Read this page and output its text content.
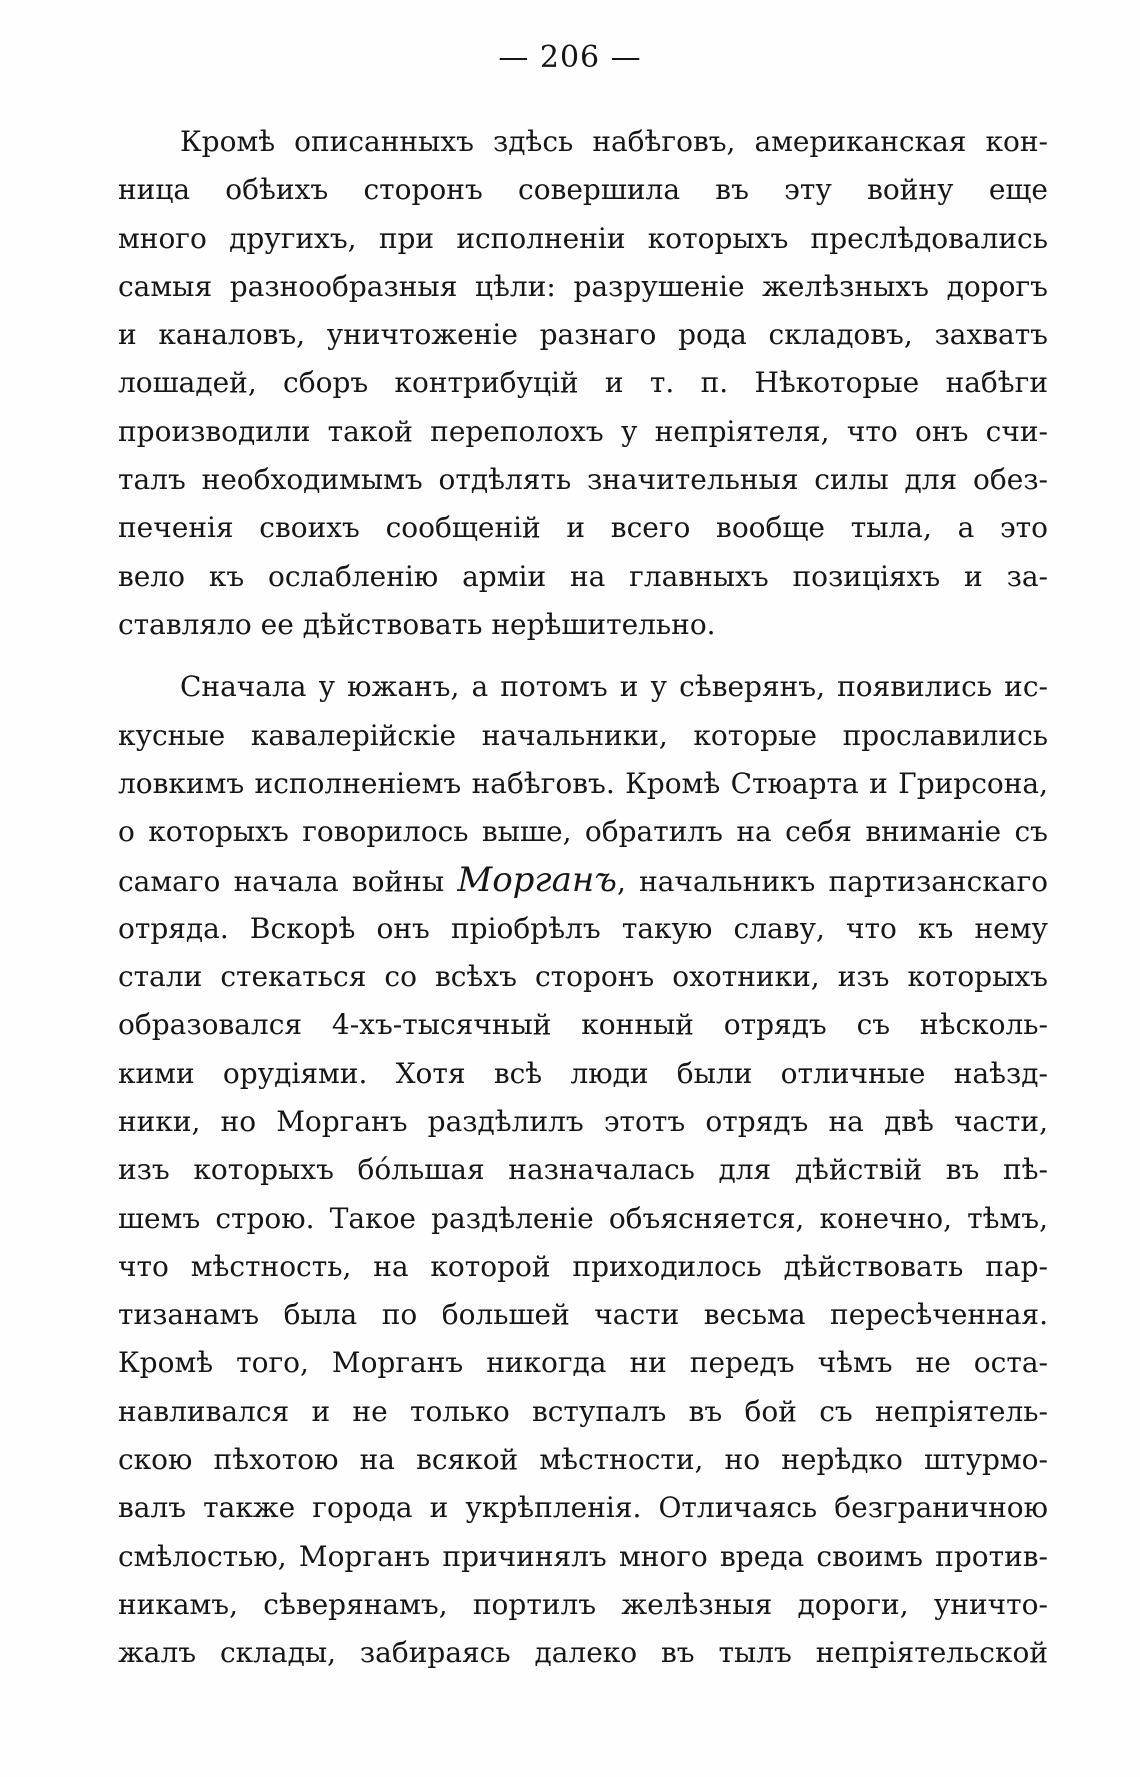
— 206 —
Кромѣ описанныхъ здѣсь набѣговъ, американская кон-
ница обѣихъ сторонъ совершила въ эту войну еще
много другихъ, при исполненіи которыхъ преслѣдовались
самыя разнообразныя цѣли: разрушеніе желѣзныхъ дорогъ
и каналовъ, уничтоженіе разнаго рода складовъ, захватъ
лошадей, сборъ контрибуцій и т. п. Нѣкоторые набѣги
производили такой переполохъ у непріятеля, что онъ счи-
талъ необходимымъ отдѣлять значительныя силы для обез-
печенія своихъ сообщеній и всего вообще тыла, а это
вело къ ослабленію арміи на главныхъ позиціяхъ и за-
ставляло ее дѣйствовать нерѣшительно.
Сначала у южанъ, а потомъ и у сѣверянъ, появились ис-
кусные кавалерійскіе начальники, которые прославились
ловкимъ исполненіемъ набѣговъ. Кромѣ Стюарта и Грирсона,
о которыхъ говорилось выше, обратилъ на себя вниманіе съ
самаго начала войны Морганъ, начальникъ партизанскаго
отряда. Вскорѣ онъ пріобрѣлъ такую славу, что къ нему
стали стекаться со всѣхъ сторонъ охотники, изъ которыхъ
образовался 4-хъ-тысячный конный отрядъ съ нѣсколь-
кими орудіями. Хотя всѣ люди были отличные наѣзд-
ники, но Морганъ раздѣлилъ этотъ отрядъ на двѣ части,
изъ которыхъ бо́льшая назначалась для дѣйствій въ пѣ-
шемъ строю. Такое раздѣленіе объясняется, конечно, тѣмъ,
что мѣстность, на которой приходилось дѣйствовать пар-
тизанамъ была по большей части весьма пересѣченная.
Кромѣ того, Морганъ никогда ни передъ чѣмъ не оста-
навливался и не только вступалъ въ бой съ непріятель-
скою пѣхотою на всякой мѣстности, но нерѣдко штурмо-
валъ также города и укрѣпленія. Отличаясь безграничною
смѣлостью, Морганъ причинялъ много вреда своимъ против-
никамъ, сѣверянамъ, портилъ желѣзныя дороги, уничто-
жалъ склады, забираясь далеко въ тылъ непріятельской
